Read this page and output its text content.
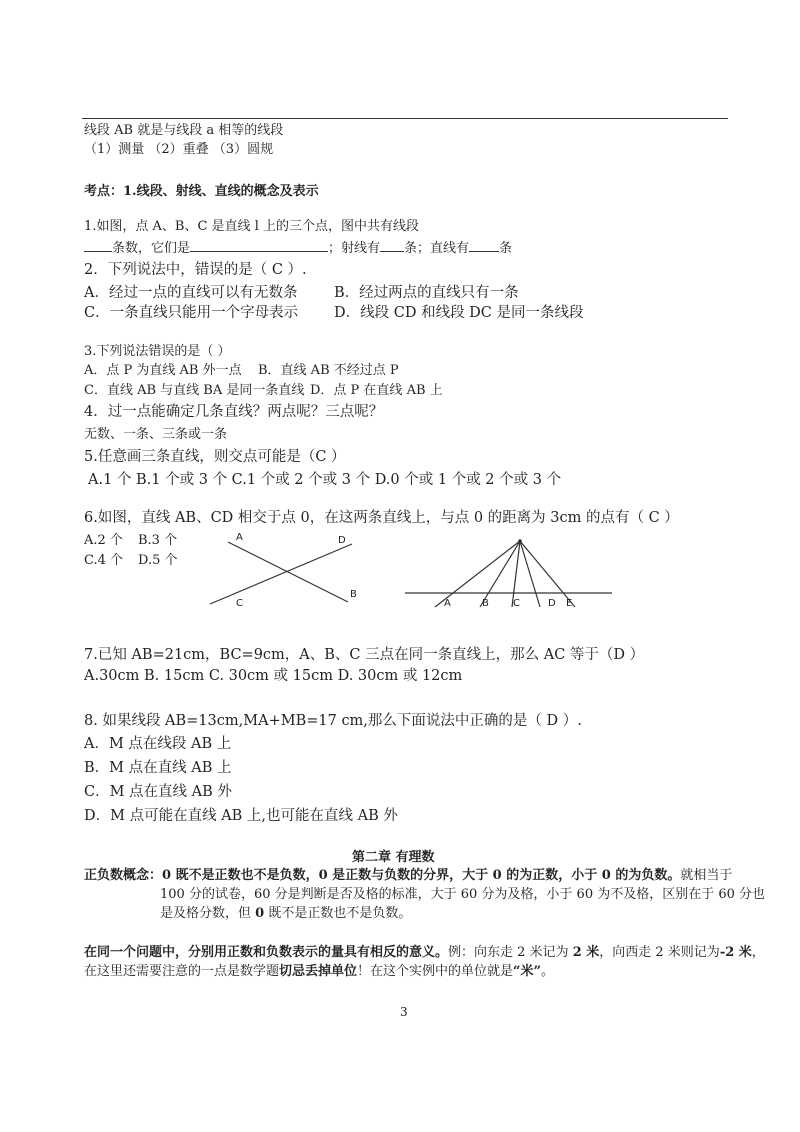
线段 AB 就是与线段 a 相等的线段
（1）测量 （2）重叠 （3）圆规
考点：1.线段、射线、直线的概念及表示
1.如图，点 A、B、C 是直线 l 上的三个点，图中共有线段
条数，它们是	；射线有 条；直线有 条
2．下列说法中，错误的是（ C ）.
A．经过一点的直线可以有无数条	B．经过两点的直线只有一条
C．一条直线只能用一个字母表示 D．线段 CD 和线段 DC 是同一条线段
3.下列说法错误的是（ ）
A．点 P 为直线 AB 外一点 B．直线 AB 不经过点 P
C．直线 AB 与直线 BA 是同一条直线 D．点 P 在直线 AB 上
4．过一点能确定几条直线？两点呢？三点呢？
无数、一条、三条或一条
5.任意画三条直线，则交点可能是（C ）
A.1 个 B.1 个或 3 个 C.1 个或 2 个或 3 个 D.0 个或 1 个或 2 个或 3 个
6.如图，直线 AB、CD 相交于点 0，在这两条直线上，与点 0 的距离为 3cm 的点有（ C ）
A.2 个 B.3 个
C.4 个 D.5 个
A	D
C
B
A	B C	D E
7.已知 AB=21cm，BC=9cm，A、B、C 三点在同一条直线上，那么 AC 等于（D ）
A.30cm B. 15cm C. 30cm 或 15cm D. 30cm 或 12cm
8. 如果线段 AB=13cm,MA+MB=17 cm,那么下面说法中正确的是（ D ）.
A．M 点在线段 AB 上
B．M 点在直线 AB 上
C．M 点在直线 AB 外
D．M 点可能在直线 AB 上,也可能在直线 AB 外
第二章 有理数
正负数概念：0 既不是正数也不是负数，0 是正数与负数的分界，大于 0 的为正数，小于 0 的为负数。就相当于
100 分的试卷，60 分是判断是否及格的标准，大于 60 分为及格，小于 60 为不及格，区别在于 60 分也
是及格分数，但 0 既不是正数也不是负数。
在同一个问题中，分别用正数和负数表示的量具有相反的意义。例：向东走 2 米记为 2 米，向西走 2 米则记为-2 米，
在这里还需要注意的一点是数学题切忌丢掉单位！在这个实例中的单位就是“米”。
3
